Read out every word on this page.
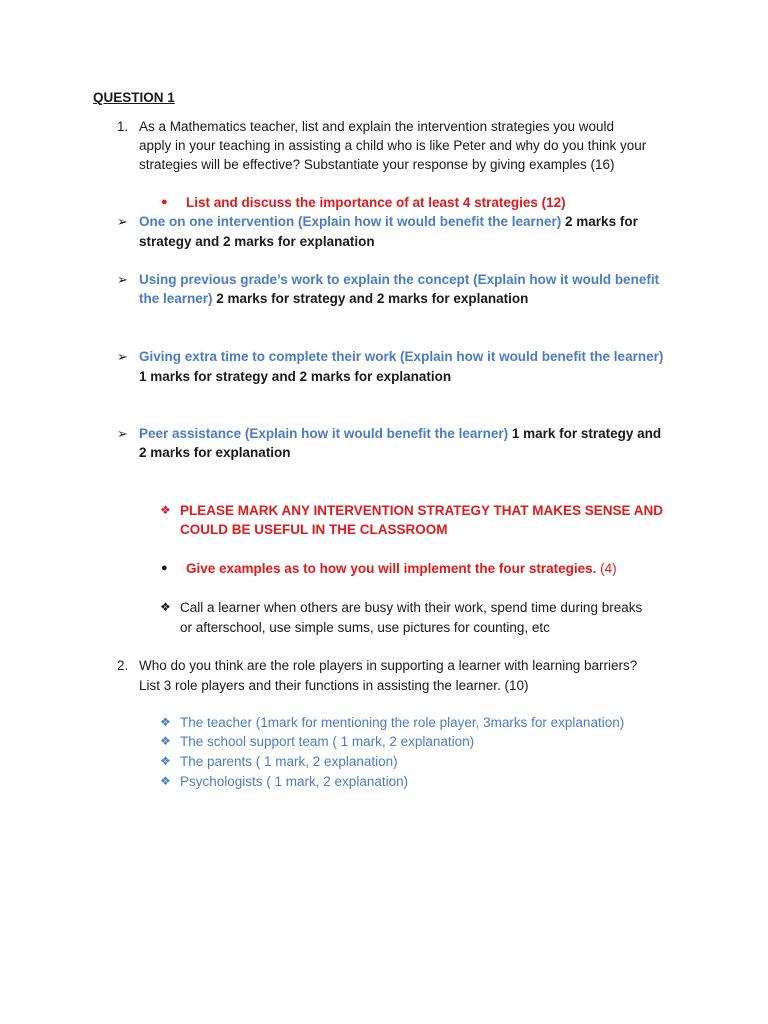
QUESTION 1
1. As a Mathematics teacher, list and explain the intervention strategies you would
apply in your teaching in assisting a child who is like Peter and why do you think your
strategies will be effective? Substantiate your response by giving examples (16)
● List and discuss the importance of at least 4 strategies (12)
➢ One on one intervention (Explain how it would benefit the learner) 2 marks for
strategy and 2 marks for explanation
➢ Using previous grade’s work to explain the concept (Explain how it would benefit
the learner) 2 marks for strategy and 2 marks for explanation
➢ Giving extra time to complete their work (Explain how it would benefit the learner)
1 marks for strategy and 2 marks for explanation
➢ Peer assistance (Explain how it would benefit the learner) 1 mark for strategy and
2 marks for explanation
❖ PLEASE MARK ANY INTERVENTION STRATEGY THAT MAKES SENSE AND
COULD BE USEFUL IN THE CLASSROOM
● Give examples as to how you will implement the four strategies. (4)
❖ Call a learner when others are busy with their work, spend time during breaks
or afterschool, use simple sums, use pictures for counting, etc
2. Who do you think are the role players in supporting a learner with learning barriers?
List 3 role players and their functions in assisting the learner. (10)
❖ The teacher (1mark for mentioning the role player, 3marks for explanation)
❖ The school support team ( 1 mark, 2 explanation)
❖ The parents ( 1 mark, 2 explanation)
❖ Psychologists ( 1 mark, 2 explanation)
